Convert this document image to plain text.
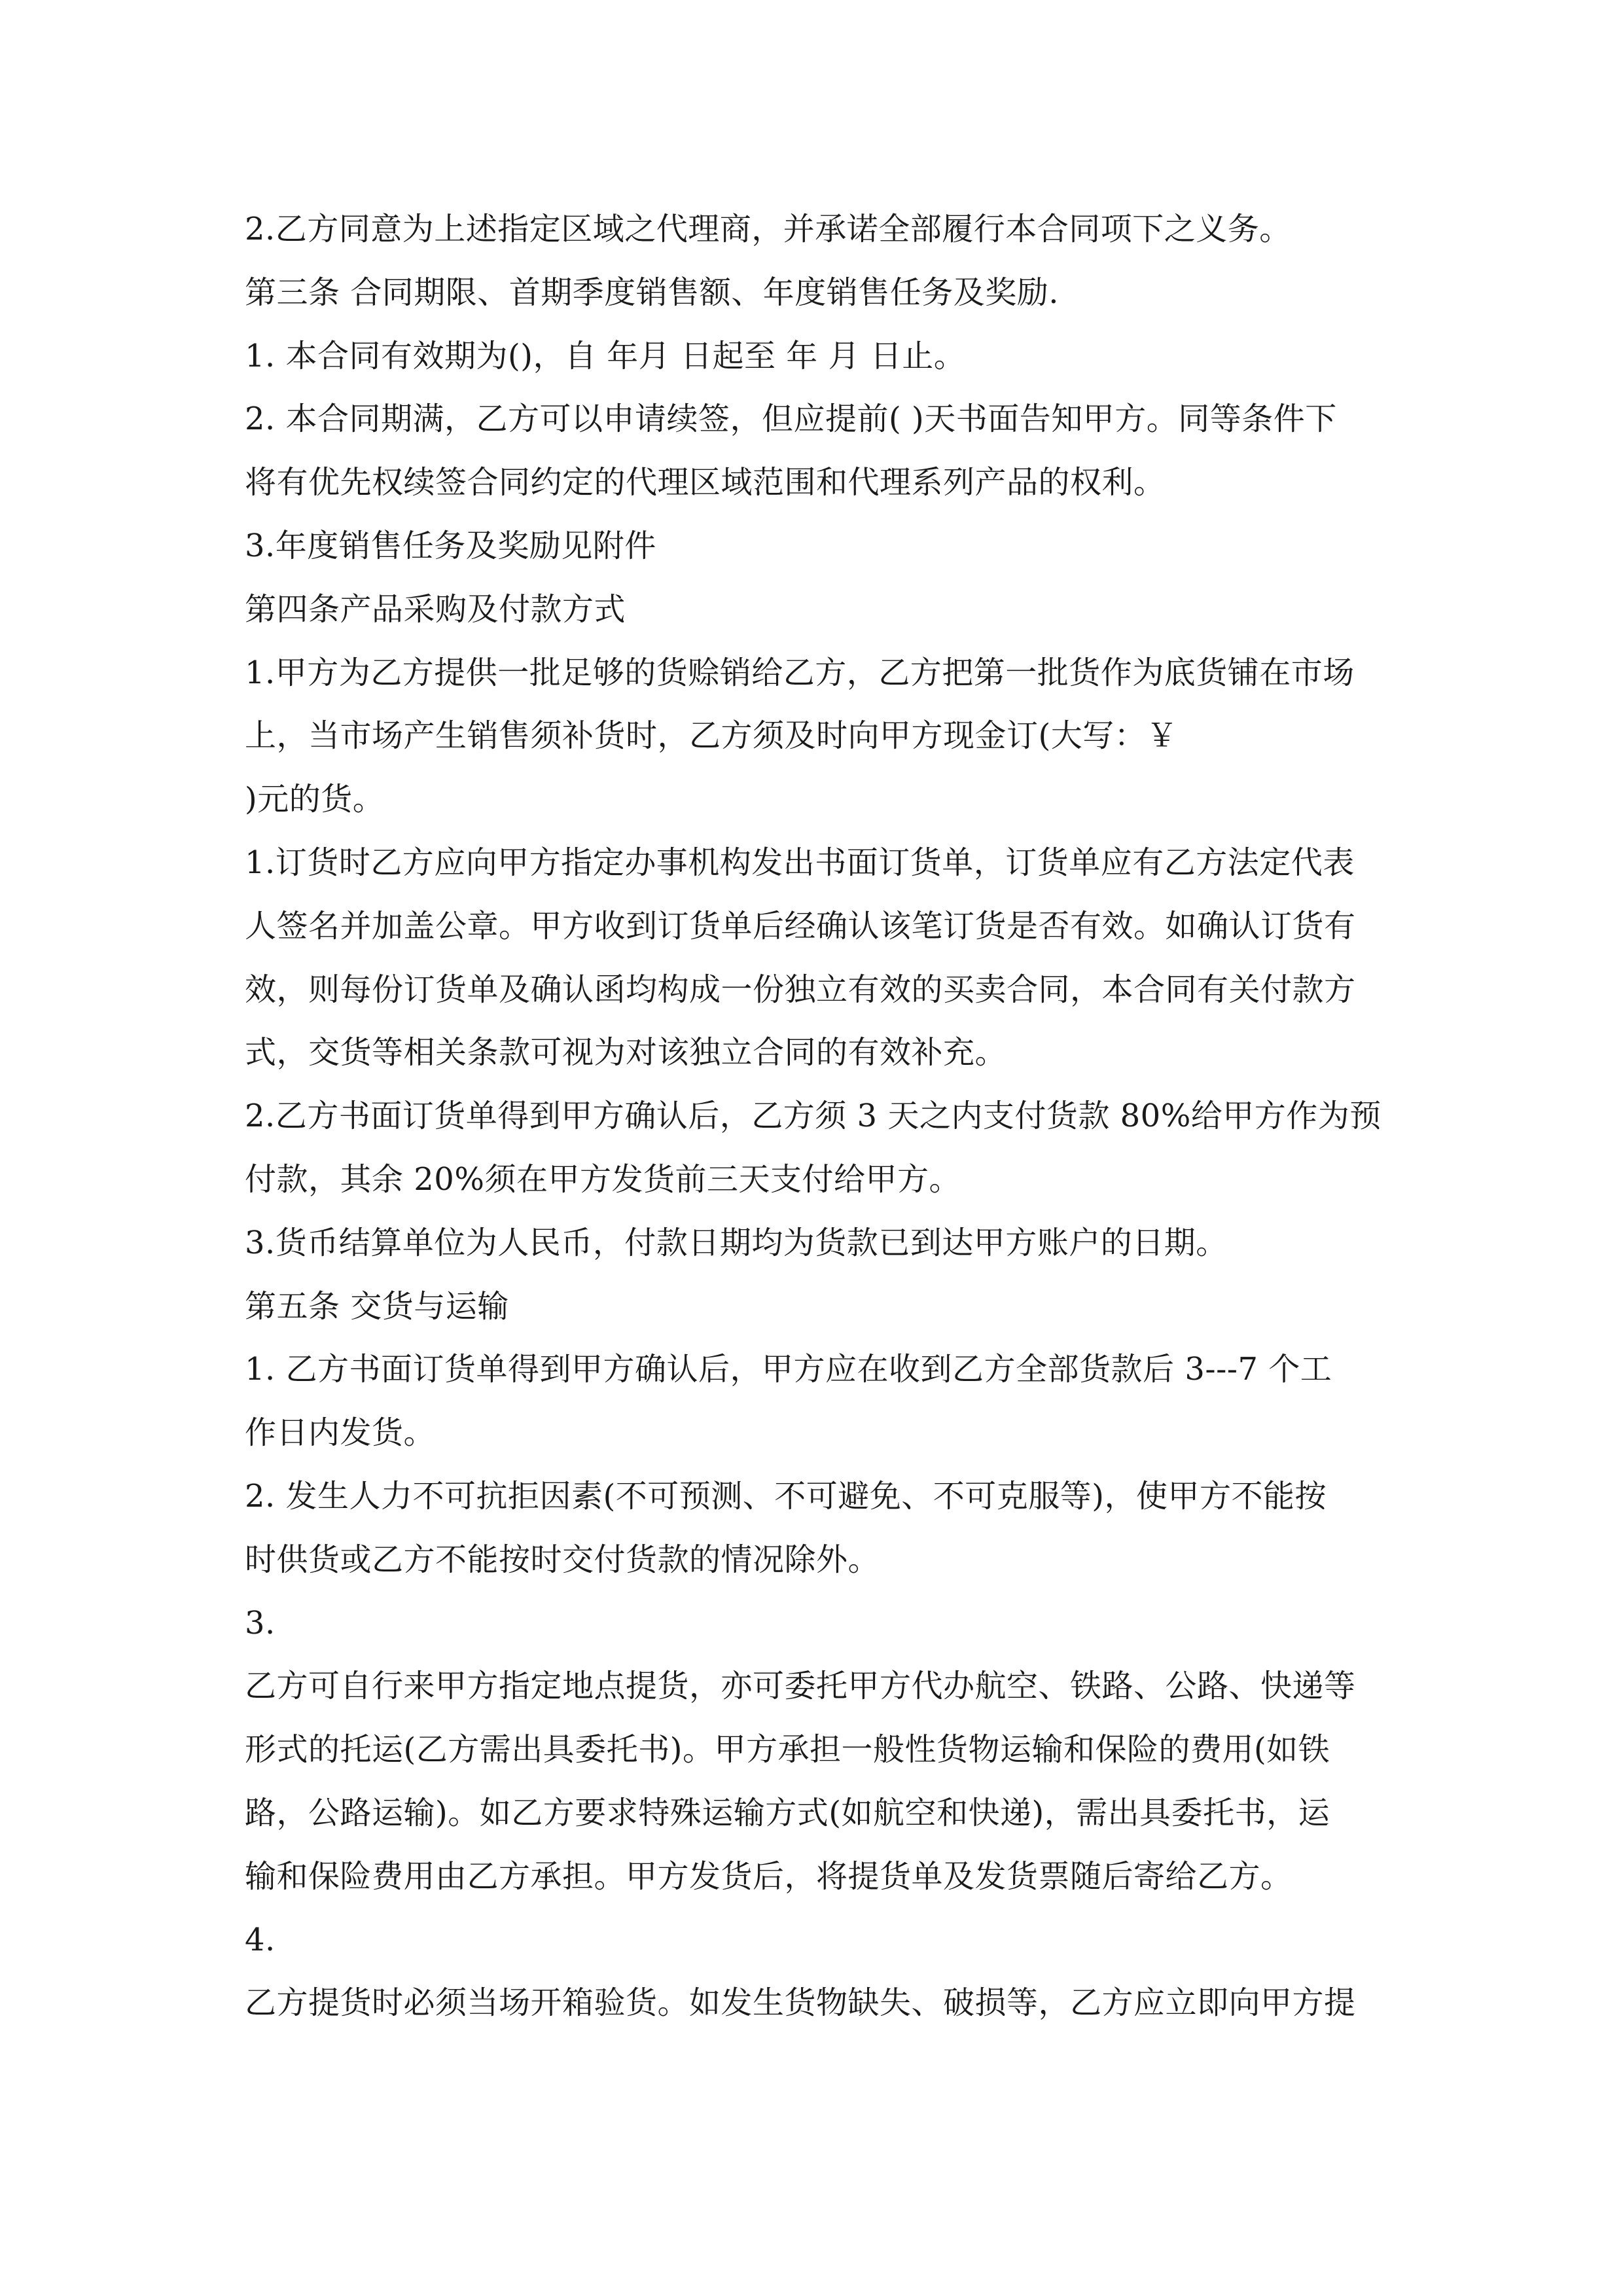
2.乙方同意为上述指定区域之代理商，并承诺全部履行本合同项下之义务。
第三条 合同期限、首期季度销售额、年度销售任务及奖励.
1. 本合同有效期为()，自 年月 日起至 年 月 日止。
2. 本合同期满，乙方可以申请续签，但应提前( )天书面告知甲方。同等条件下
将有优先权续签合同约定的代理区域范围和代理系列产品的权利。
3.年度销售任务及奖励见附件
第四条产品采购及付款方式
1.甲方为乙方提供一批足够的货赊销给乙方，乙方把第一批货作为底货铺在市场
上，当市场产生销售须补货时，乙方须及时向甲方现金订(大写：￥
)元的货。
1.订货时乙方应向甲方指定办事机构发出书面订货单，订货单应有乙方法定代表
人签名并加盖公章。甲方收到订货单后经确认该笔订货是否有效。如确认订货有
效，则每份订货单及确认函均构成一份独立有效的买卖合同，本合同有关付款方
式，交货等相关条款可视为对该独立合同的有效补充。
2.乙方书面订货单得到甲方确认后，乙方须 3 天之内支付货款 80%给甲方作为预
付款，其余 20%须在甲方发货前三天支付给甲方。
3.货币结算单位为人民币，付款日期均为货款已到达甲方账户的日期。
第五条 交货与运输
1. 乙方书面订货单得到甲方确认后，甲方应在收到乙方全部货款后 3---7 个工
作日内发货。
2. 发生人力不可抗拒因素(不可预测、不可避免、不可克服等)，使甲方不能按
时供货或乙方不能按时交付货款的情况除外。
3.
乙方可自行来甲方指定地点提货，亦可委托甲方代办航空、铁路、公路、快递等
形式的托运(乙方需出具委托书)。甲方承担一般性货物运输和保险的费用(如铁
路，公路运输)。如乙方要求特殊运输方式(如航空和快递)，需出具委托书，运
输和保险费用由乙方承担。甲方发货后，将提货单及发货票随后寄给乙方。
4.
乙方提货时必须当场开箱验货。如发生货物缺失、破损等，乙方应立即向甲方提
